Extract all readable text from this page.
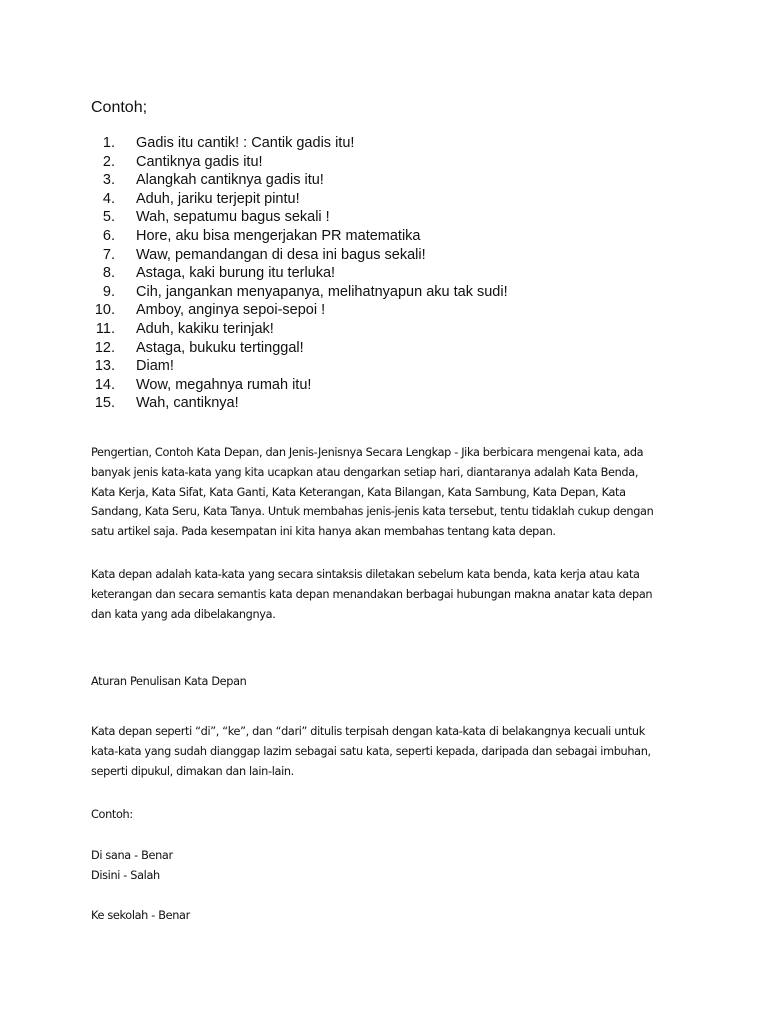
Contoh;

1. Gadis itu cantik! : Cantik gadis itu!
2. Cantiknya gadis itu!
3. Alangkah cantiknya gadis itu!
4. Aduh, jariku terjepit pintu!
5. Wah, sepatumu bagus sekali !
6. Hore, aku bisa mengerjakan PR matematika
7. Waw, pemandangan di desa ini bagus sekali!
8. Astaga, kaki burung itu terluka!
9. Cih, jangankan menyapanya, melihatnyapun aku tak sudi!
10. Amboy, anginya sepoi-sepoi !
11. Aduh, kakiku terinjak!
12. Astaga, bukuku tertinggal!
13. Diam!
14. Wow, megahnya rumah itu!
15. Wah, cantiknya!

Pengertian, Contoh Kata Depan, dan Jenis-Jenisnya Secara Lengkap - Jika berbicara mengenai kata, ada
banyak jenis kata-kata yang kita ucapkan atau dengarkan setiap hari, diantaranya adalah Kata Benda,
Kata Kerja, Kata Sifat, Kata Ganti, Kata Keterangan, Kata Bilangan, Kata Sambung, Kata Depan, Kata
Sandang, Kata Seru, Kata Tanya. Untuk membahas jenis-jenis kata tersebut, tentu tidaklah cukup dengan
satu artikel saja. Pada kesempatan ini kita hanya akan membahas tentang kata depan.

Kata depan adalah kata-kata yang secara sintaksis diletakan sebelum kata benda, kata kerja atau kata
keterangan dan secara semantis kata depan menandakan berbagai hubungan makna anatar kata depan
dan kata yang ada dibelakangnya.

Aturan Penulisan Kata Depan

Kata depan seperti “di”, “ke”, dan “dari” ditulis terpisah dengan kata-kata di belakangnya kecuali untuk
kata-kata yang sudah dianggap lazim sebagai satu kata, seperti kepada, daripada dan sebagai imbuhan,
seperti dipukul, dimakan dan lain-lain.

Contoh:

Di sana - Benar

Disini - Salah

Ke sekolah - Benar
